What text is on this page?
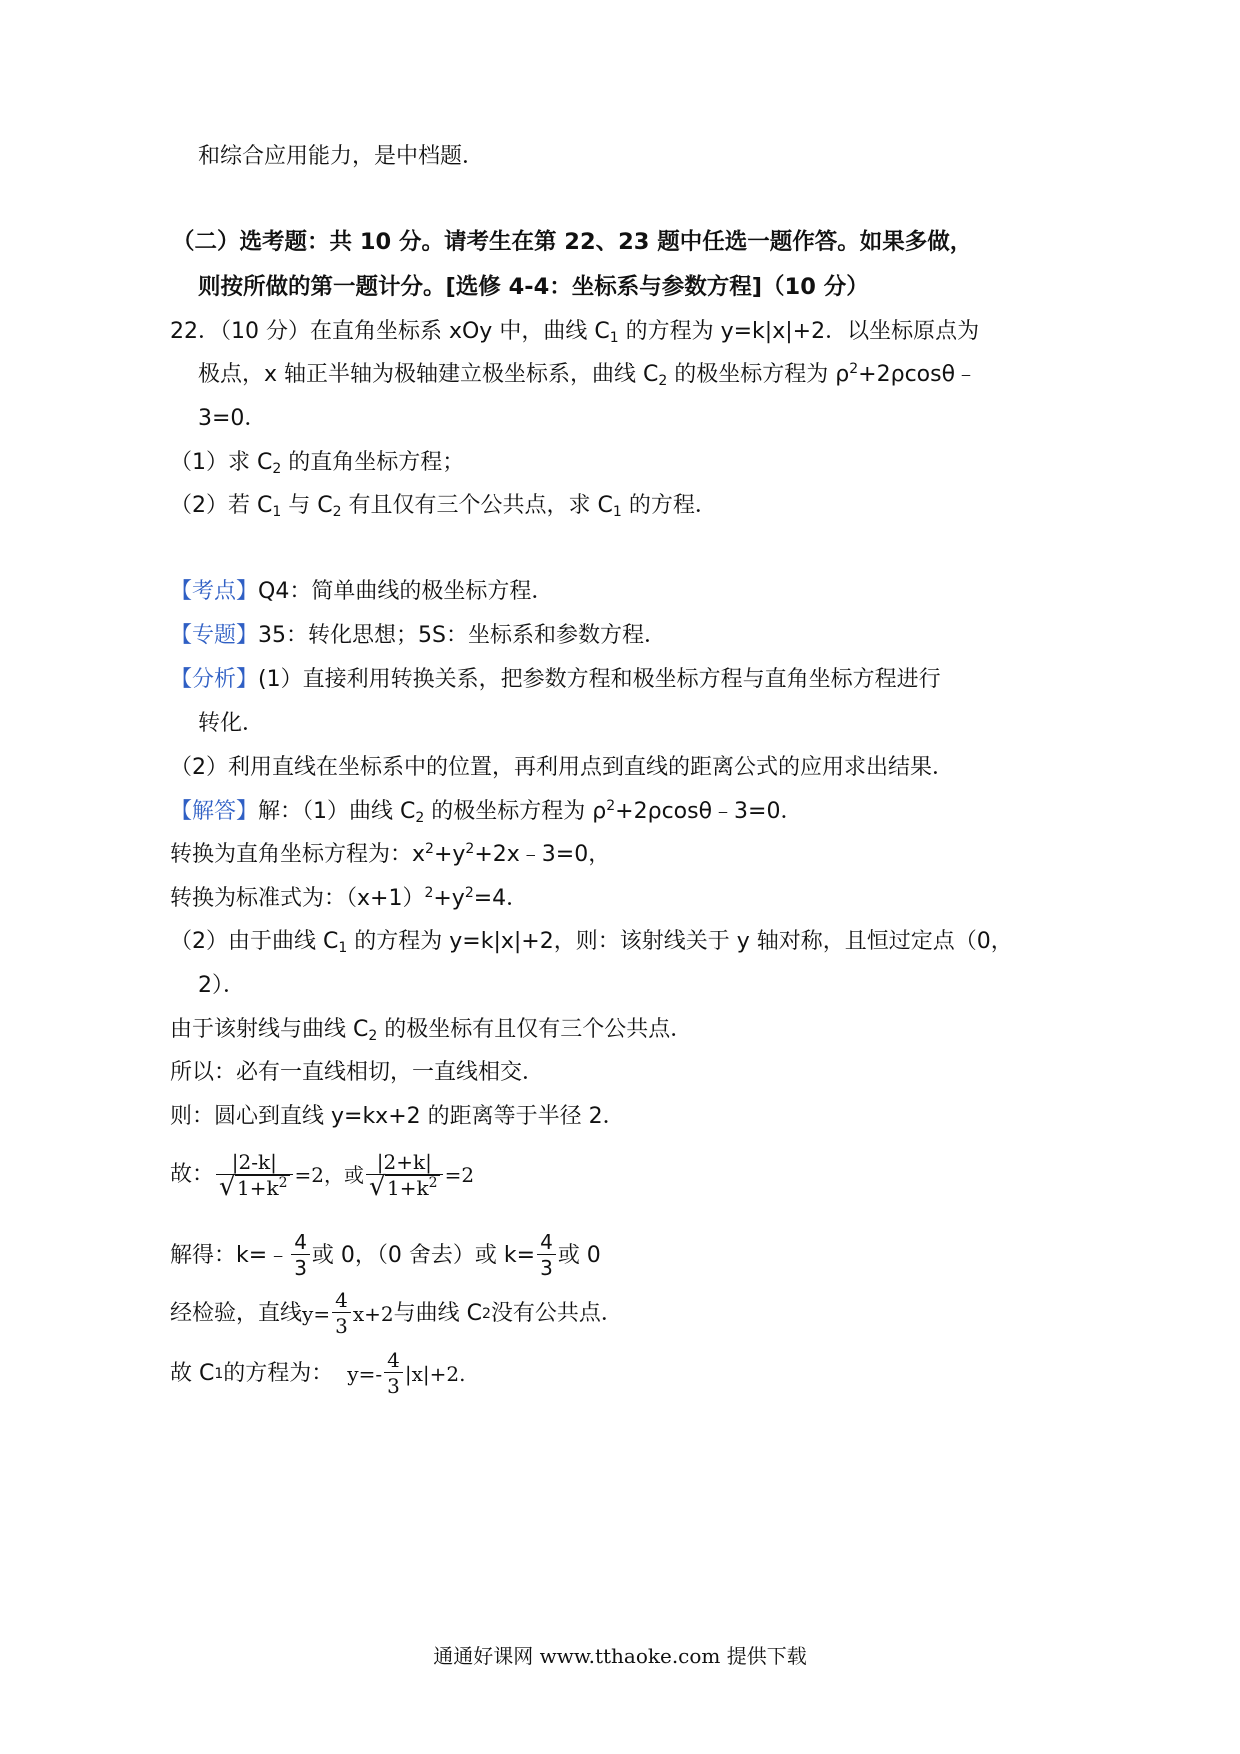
和综合应用能力，是中档题．
（二）选考题：共 10 分。请考生在第 22、23 题中任选一题作答。如果多做，
则按所做的第一题计分。[选修 4-4：坐标系与参数方程]（10 分）
22．（10 分）在直角坐标系 xOy 中，曲线 $C_1$ 的方程为 y=k|x|+2．以坐标原点为
极点，x 轴正半轴为极轴建立极坐标系，曲线 $C_2$ 的极坐标方程为 $\rho^2+2\rho\cos\theta﹣$
3=0．
（1）求 $C_2$ 的直角坐标方程；
（2）若 $C_1$ 与 $C_2$ 有且仅有三个公共点，求 $C_1$ 的方程．
【考点】Q4：简单曲线的极坐标方程．
【专题】35：转化思想；5S：坐标系和参数方程．
【分析】(1）直接利用转换关系，把参数方程和极坐标方程与直角坐标方程进行
转化．
（2）利用直线在坐标系中的位置，再利用点到直线的距离公式的应用求出结果．
【解答】解：（1）曲线 $C_2$ 的极坐标方程为 $\rho^2+2\rho\cos\theta﹣3=0$．
转换为直角坐标方程为：$x^2+y^2+2x﹣3=0$，
转换为标准式为：$(x+1)^2+y^2=4$．
（2）由于曲线 $C_1$ 的方程为 y=k|x|+2，则：该射线关于 y 轴对称，且恒过定点（0，
2）．
由于该射线与曲线 $C_2$ 的极坐标有且仅有三个公共点．
所以：必有一直线相切，一直线相交．
则：圆心到直线 y=kx+2 的距离等于半径 2．
故： $\frac{|2-k|}{√ 1+k^2} =2$，或 $\frac{|2+k|}{√ 1+k^2} =2$
解得：k=﹣ $\frac{4}{3}$ 或 0，（0 舍去）或 $k= \frac{4}{3}$ 或 0
经检验，直线 $y= \frac{4}{3} x+2$ 与曲线 C 2 没有公共点．
故 C 1 的方程为： $y=- \frac{4}{3} |x|+2$ .
通通好课网 www.tthaoke.com 提供下载
